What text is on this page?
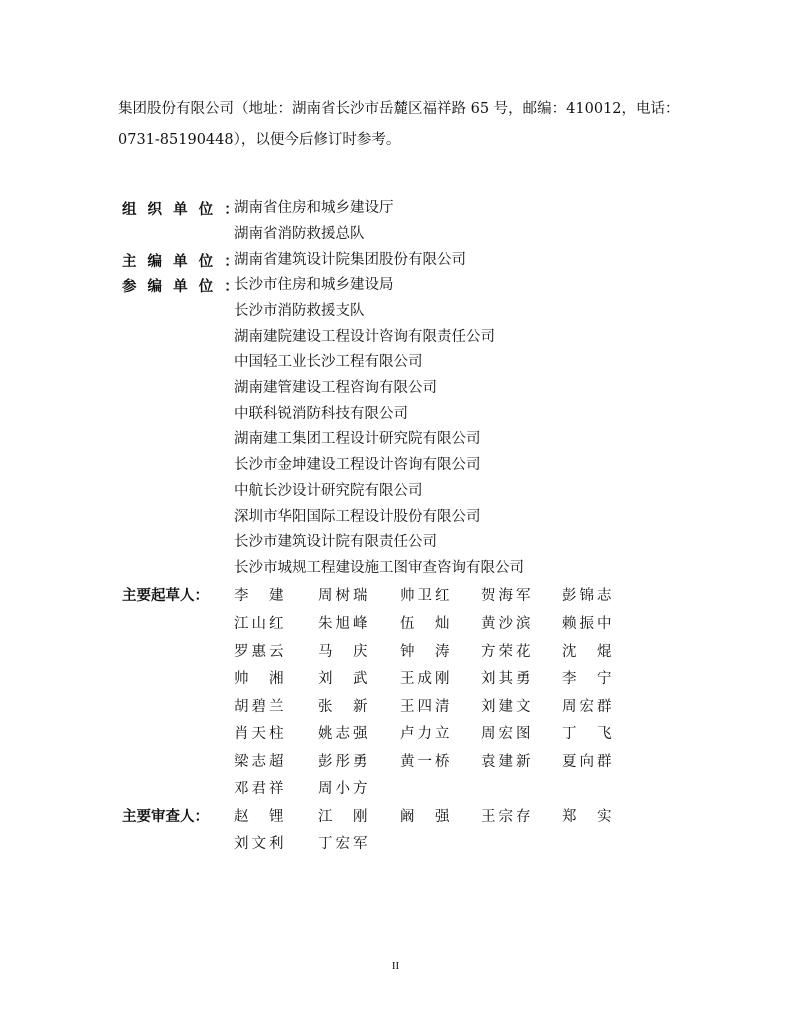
集团股份有限公司（地址：湖南省长沙市岳麓区福祥路 65 号，邮编：410012，电话：
0731-85190448），以便今后修订时参考。
组 织 单 位 ：
湖南省住房和城乡建设厅
湖南省消防救援总队
主 编 单 位 ：
湖南省建筑设计院集团股份有限公司
参 编 单 位 ：
长沙市住房和城乡建设局
长沙市消防救援支队
湖南建院建设工程设计咨询有限责任公司
中国轻工业长沙工程有限公司
湖南建管建设工程咨询有限公司
中联科锐消防科技有限公司
湖南建工集团工程设计研究院有限公司
长沙市金坤建设工程设计咨询有限公司
中航长沙设计研究院有限公司
深圳市华阳国际工程设计股份有限公司
长沙市建筑设计院有限责任公司
长沙市城规工程建设施工图审查咨询有限公司
主要起草人： 李　建 周树瑞 帅卫红 贺海军 彭锦志
江山红 朱旭峰 伍　灿 黄沙滨 赖振中
罗惠云 马　庆 钟　涛 方荣花 沈　焜
帅　湘 刘　武 王成刚 刘其勇 李　宁
胡碧兰 张　新 王四清 刘建文 周宏群
肖天柱 姚志强 卢力立 周宏图 丁　飞
梁志超 彭彤勇 黄一桥 袁建新 夏向群
邓君祥 周小方
主要审查人： 赵　锂 江　刚 阚　强 王宗存 郑　实
刘文利 丁宏军
II
